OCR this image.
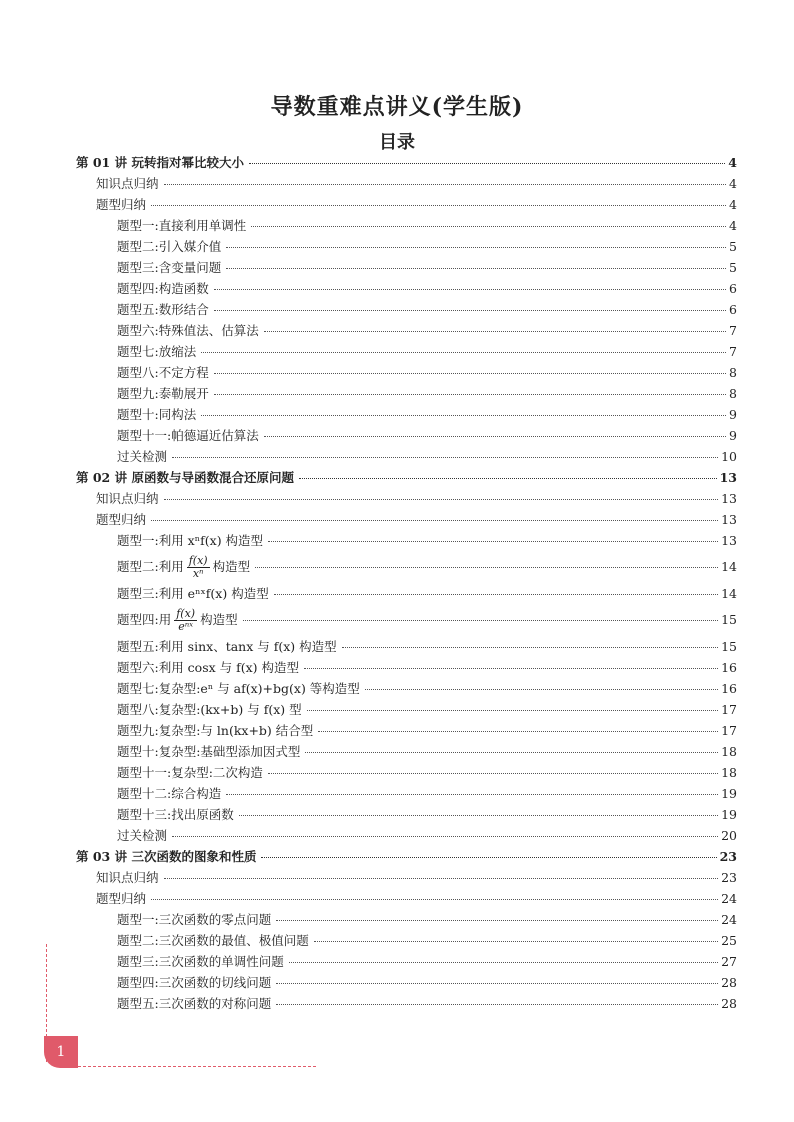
导数重难点讲义(学生版)
目录
第 01 讲 玩转指对幂比较大小	4
知识点归纳	4
题型归纳	4
题型一:直接利用单调性	4
题型二:引入媒介值	5
题型三:含变量问题	5
题型四:构造函数	6
题型五:数形结合	6
题型六:特殊值法、估算法	7
题型七:放缩法	7
题型八:不定方程	8
题型九:泰勒展开	8
题型十:同构法	9
题型十一:帕德逼近估算法	9
过关检测	10
第 02 讲 原函数与导函数混合还原问题	13
知识点归纳	13
题型归纳	13
题型一:利用 xⁿf(x) 构造型	13
题型二:利用 $\frac{f(x)}{\text{xⁿ}}$ 构造型	14
题型三:利用 eⁿˣf(x) 构造型	14
题型四:用 $\frac{f(x)}{\text{eⁿˣ}}$ 构造型	15
题型五:利用 sinx、tanx 与 f(x) 构造型	15
题型六:利用 cosx 与 f(x) 构造型	16
题型七:复杂型:eⁿ 与 af(x)+bg(x) 等构造型	16
题型八:复杂型:(kx+b) 与 f(x) 型	17
题型九:复杂型:与 ln(kx+b) 结合型	17
题型十:复杂型:基础型添加因式型	18
题型十一:复杂型:二次构造	18
题型十二:综合构造	19
题型十三:找出原函数	19
过关检测	20
第 03 讲 三次函数的图象和性质	23
知识点归纳	23
题型归纳	24
题型一:三次函数的零点问题	24
题型二:三次函数的最值、极值问题	25
题型三:三次函数的单调性问题	27
题型四:三次函数的切线问题	28
题型五:三次函数的对称问题	28
1
